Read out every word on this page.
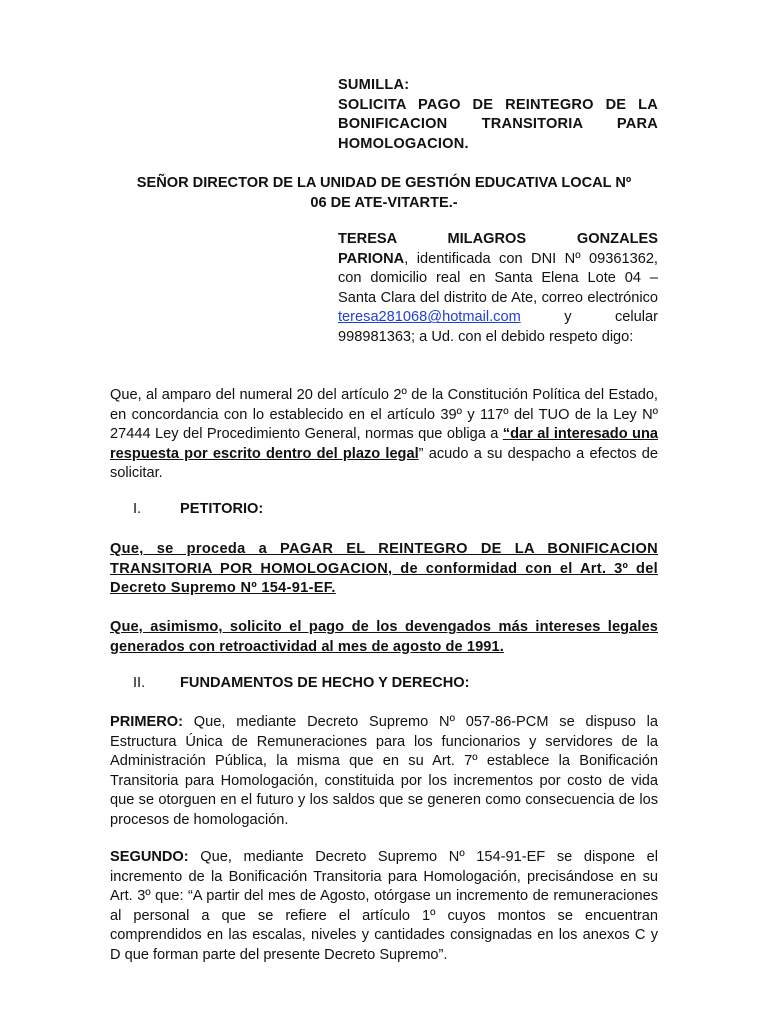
SUMILLA:
SOLICITA PAGO DE REINTEGRO DE LA
BONIFICACION TRANSITORIA PARA
HOMOLOGACION.
SEÑOR DIRECTOR DE LA UNIDAD DE GESTIÓN EDUCATIVA LOCAL Nº
06 DE ATE-VITARTE.-
TERESA MILAGROS GONZALES
PARIONA, identificada con DNI Nº 09361362, con domicilio real en Santa Elena Lote 04 – Santa Clara del distrito de Ate, correo electrónico teresa281068@hotmail.com y celular 998981363; a Ud. con el debido respeto digo:
Que, al amparo del numeral 20 del artículo 2º de la Constitución Política del Estado, en concordancia con lo establecido en el artículo 39º y 117º del TUO de la Ley Nº 27444 Ley del Procedimiento General, normas que obliga a “dar al interesado una respuesta por escrito dentro del plazo legal” acudo a su despacho a efectos de solicitar.
I.	PETITORIO:
Que, se proceda a PAGAR EL REINTEGRO DE LA BONIFICACION TRANSITORIA POR HOMOLOGACION, de conformidad con el Art. 3º del Decreto Supremo Nº 154-91-EF.
Que, asimismo, solicito el pago de los devengados más intereses legales generados con retroactividad al mes de agosto de 1991.
II. FUNDAMENTOS DE HECHO Y DERECHO:
PRIMERO: Que, mediante Decreto Supremo Nº 057-86-PCM se dispuso la Estructura Única de Remuneraciones para los funcionarios y servidores de la Administración Pública, la misma que en su Art. 7º establece la Bonificación Transitoria para Homologación, constituida por los incrementos por costo de vida que se otorguen en el futuro y los saldos que se generen como consecuencia de los procesos de homologación.
SEGUNDO: Que, mediante Decreto Supremo Nº 154-91-EF se dispone el incremento de la Bonificación Transitoria para Homologación, precisándose en su Art. 3º que: “A partir del mes de Agosto, otórgase un incremento de remuneraciones al personal a que se refiere el artículo 1º cuyos montos se encuentran comprendidos en las escalas, niveles y cantidades consignadas en los anexos C y D que forman parte del presente Decreto Supremo”.
